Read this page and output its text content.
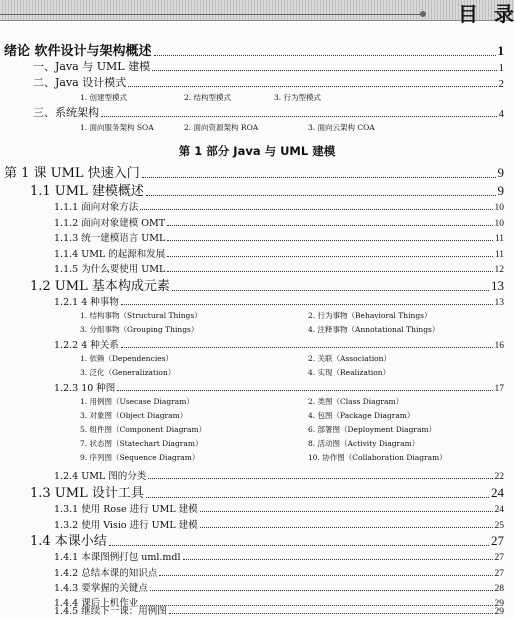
目 录
绪论 软件设计与架构概述	1
一、Java 与 UML 建模	1
二、Java 设计模式	2
1. 创建型模式	2. 结构型模式	3. 行为型模式
三、系统架构	4
1. 面向服务架构 SOA	2. 面向资源架构 ROA	3. 面向云架构 COA
第 1 部分 Java 与 UML 建模
第 1 课 UML 快速入门	9
1.1 UML 建模概述	9
1.1.1 面向对象方法	10
1.1.2 面向对象建模 OMT	10
1.1.3 统一建模语言 UML	11
1.1.4 UML 的起源和发展	11
1.1.5 为什么要使用 UML	12
1.2 UML 基本构成元素	13
1.2.1 4 种事物	13
1. 结构事物（Structural Things）	2. 行为事物（Behavioral Things）
3. 分组事物（Grouping Things）	4. 注释事物（Annotational Things）
1.2.2 4 种关系	16
1. 依赖（Dependencies）	2. 关联（Association）
3. 泛化（Generalization）	4. 实现（Realization）
1.2.3 10 种图	17
1. 用例图（Usecase Diagram）	2. 类图（Class Diagram）
3. 对象图（Object Diagram）	4. 包图（Package Diagram）
5. 组件图（Component Diagram）	6. 部署图（Deployment Diagram）
7. 状态图（Statechart Diagram）	8. 活动图（Activity Diagram）
9. 序列图（Sequence Diagram）	10. 协作图（Collaboration Diagram）
1.2.4 UML 图的分类	22
1.3 UML 设计工具	24
1.3.1 使用 Rose 进行 UML 建模	24
1.3.2 使用 Visio 进行 UML 建模	25
1.4 本课小结	27
1.4.1 本课图例打包 uml.mdl	27
1.4.2 总结本课的知识点	27
1.4.3 要掌握的关键点	28
1.4.4 课后上机作业	29
1.4.5 继续下一课：用例图	29
